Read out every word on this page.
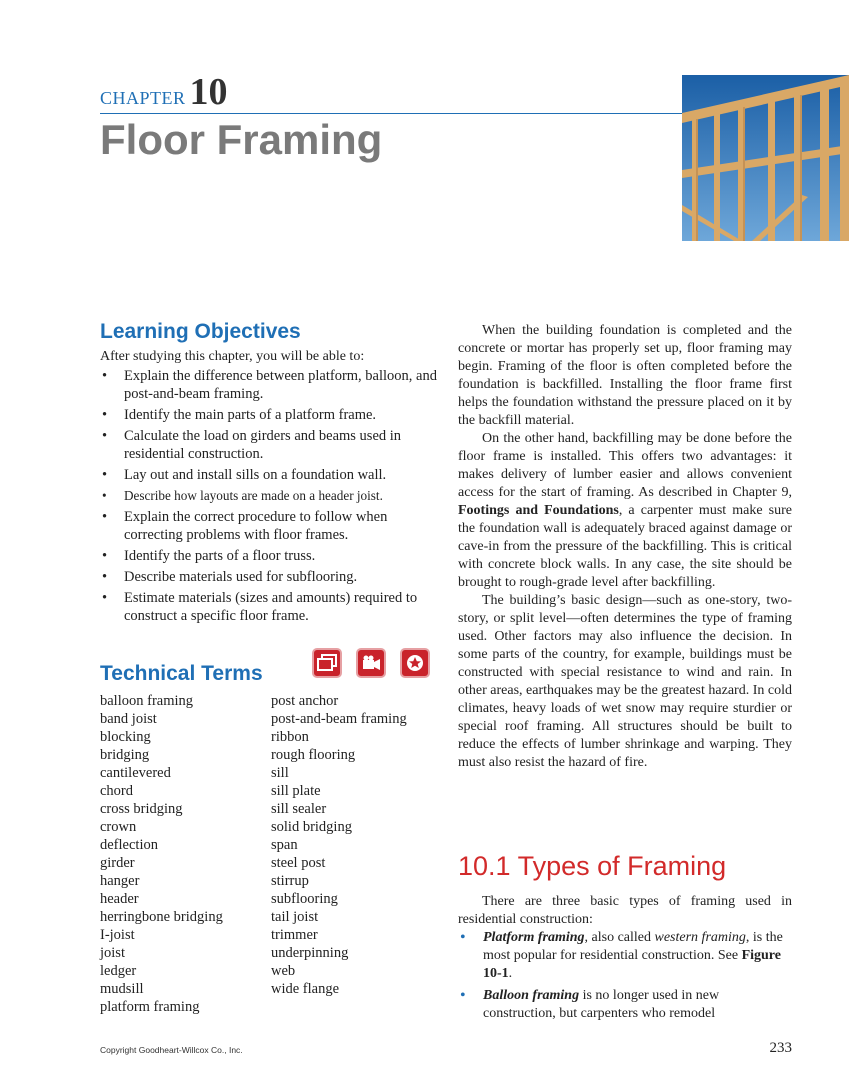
CHAPTER 10
Floor Framing
Learning Objectives
After studying this chapter, you will be able to:
• Explain the difference between platform, balloon, and post-and-beam framing.
• Identify the main parts of a platform frame.
• Calculate the load on girders and beams used in residential construction.
• Lay out and install sills on a foundation wall.
• Describe how layouts are made on a header joist.
• Explain the correct procedure to follow when correcting problems with floor frames.
• Identify the parts of a floor truss.
• Describe materials used for subflooring.
• Estimate materials (sizes and amounts) required to construct a specific floor frame.
Technical Terms
balloon framing
band joist
blocking
bridging
cantilevered
chord
cross bridging
crown
deflection
girder
hanger
header
herringbone bridging
I-joist
joist
ledger
mudsill
platform framing
post anchor
post-and-beam framing
ribbon
rough flooring
sill
sill plate
sill sealer
solid bridging
span
steel post
stirrup
subflooring
tail joist
trimmer
underpinning
web
wide flange

When the building foundation is completed and the concrete or mortar has properly set up, floor framing may begin. Framing of the floor is often completed before the foundation is backfilled. Installing the floor frame first helps the foundation withstand the pressure placed on it by the backfill material.

On the other hand, backfilling may be done before the floor frame is installed. This offers two advantages: it makes delivery of lumber easier and allows convenient access for the start of framing. As described in Chapter 9, Footings and Foundations, a carpenter must make sure the foundation wall is adequately braced against damage or cave-in from the pressure of the backfilling. This is critical with concrete block walls. In any case, the site should be brought to rough-grade level after backfilling.

The building’s basic design—such as one-story, two-story, or split level—often determines the type of framing used. Other factors may also influence the decision. In some parts of the country, for example, buildings must be constructed with special resistance to wind and rain. In other areas, earthquakes may be the greatest hazard. In cold climates, heavy loads of wet snow may require sturdier or special roof framing. All structures should be built to reduce the effects of lumber shrinkage and warping. They must also resist the hazard of fire.

10.1 Types of Framing
There are three basic types of framing used in residential construction:
• Platform framing, also called western framing, is the most popular for residential construction. See Figure 10-1.
• Balloon framing is no longer used in new construction, but carpenters who remodel
Copyright Goodheart-Willcox Co., Inc.	233
